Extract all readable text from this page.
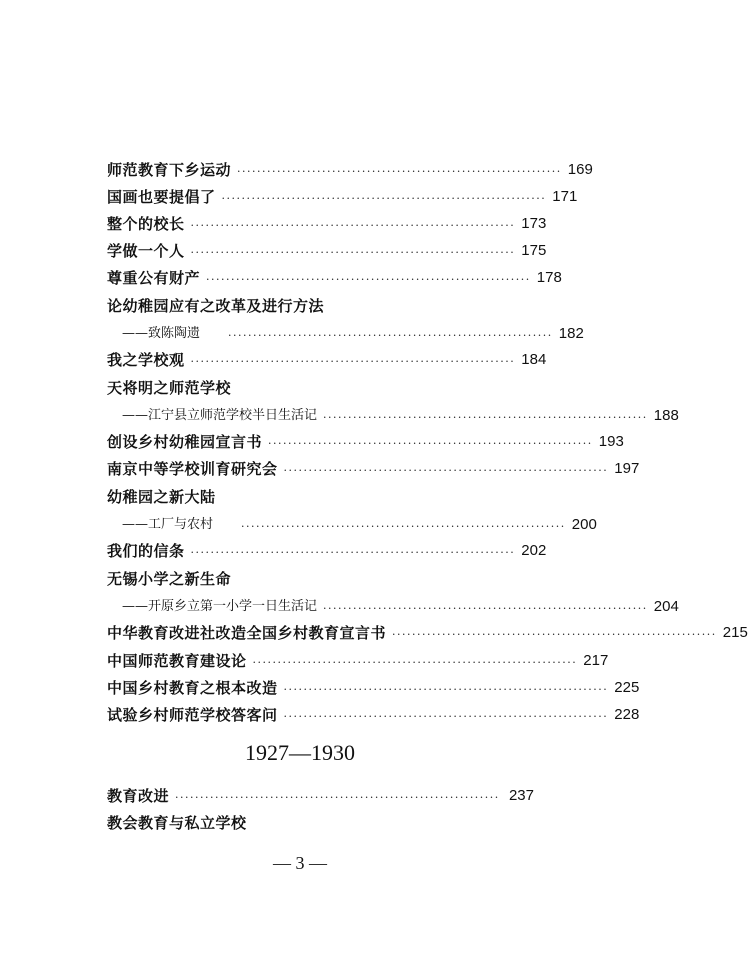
师范教育下乡运动 ································································· 169
国画也要提倡了 ································································· 171
整个的校长 ································································· 173
学做一个人 ································································· 175
尊重公有财产 ································································· 178
论幼稚园应有之改革及进行方法
——致陈陶遗	································································· 182
我之学校观 ································································· 184
天将明之师范学校
——江宁县立师范学校半日生活记 ································································· 188
创设乡村幼稚园宣言书 ································································· 193
南京中等学校训育研究会 ································································· 197
幼稚园之新大陆
——工厂与农村	································································· 200
我们的信条 ································································· 202
无锡小学之新生命
——开原乡立第一小学一日生活记 ································································· 204
中华教育改进社改造全国乡村教育宣言书 ································································· 215
中国师范教育建设论 ································································· 217
中国乡村教育之根本改造 ································································· 225
试验乡村师范学校答客问 ································································· 228
1927—1930
教育改进 ································································· 237
教会教育与私立学校
— 3 —
